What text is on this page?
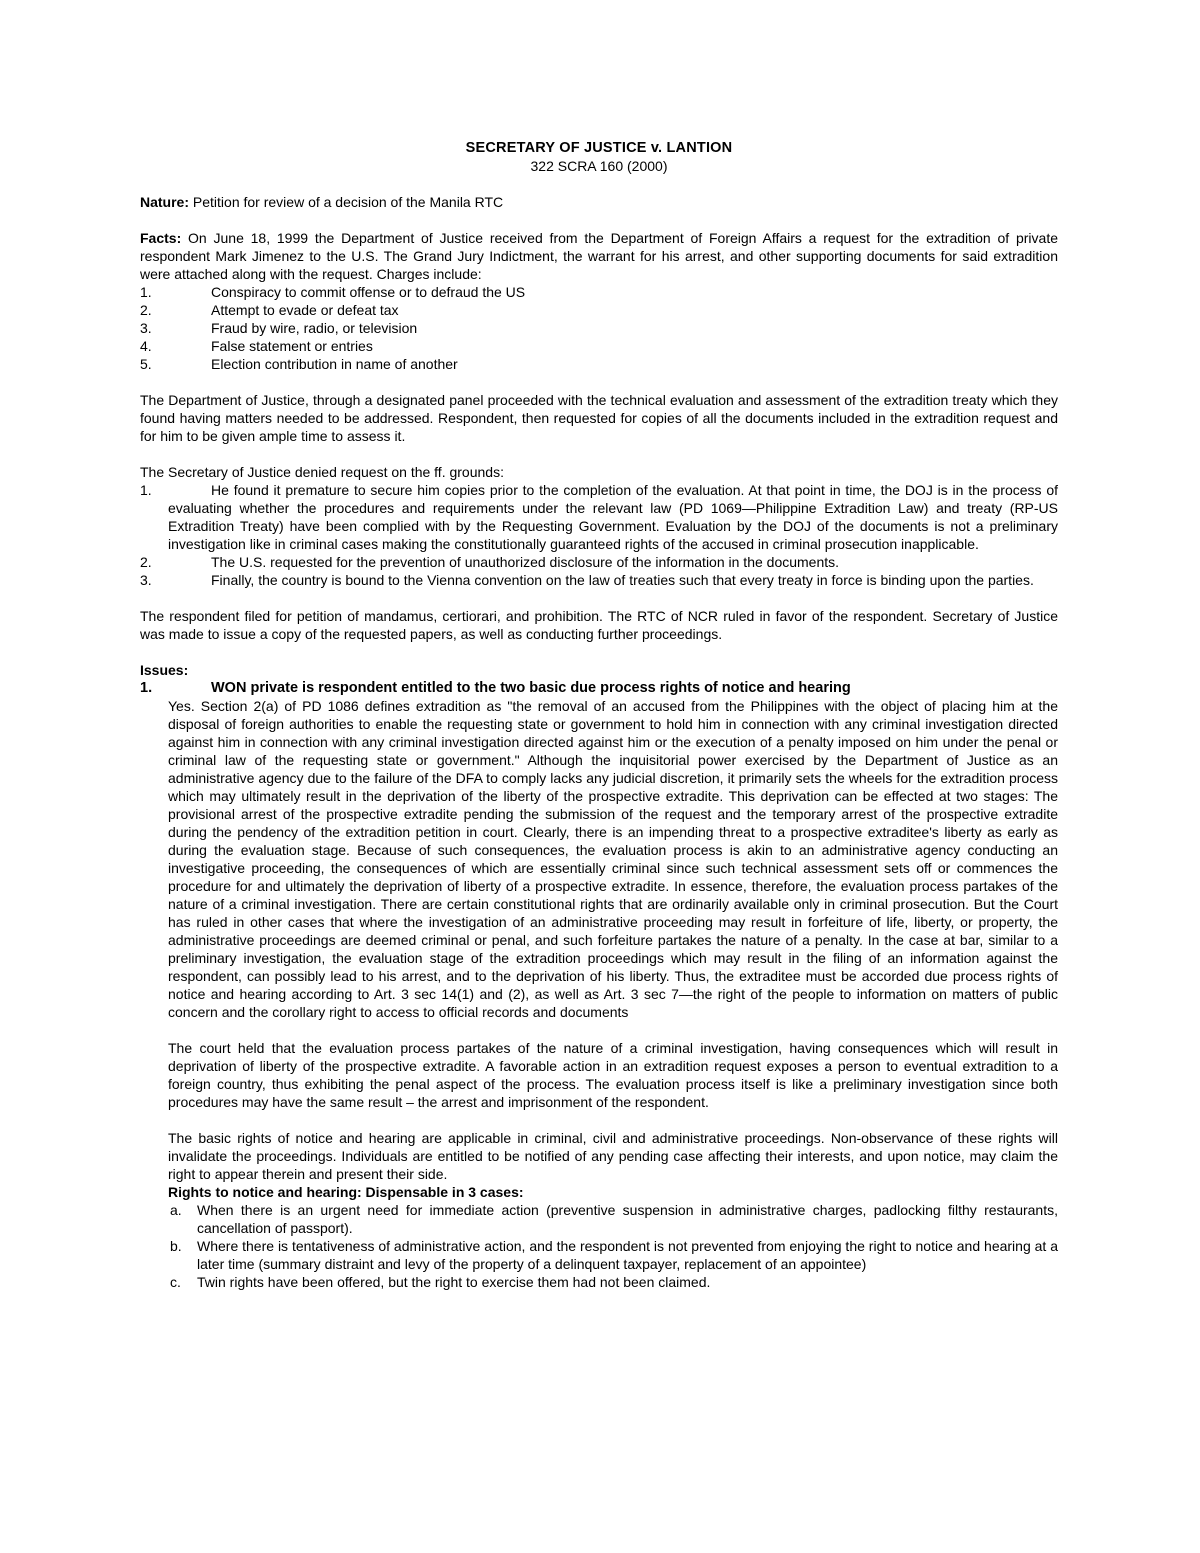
SECRETARY OF JUSTICE v. LANTION

322 SCRA 160 (2000)

Nature: Petition for review of a decision of the Manila RTC

Facts: On June 18, 1999 the Department of Justice received from the Department of Foreign Affairs a request for the extradition of private respondent Mark Jimenez to the U.S. The Grand Jury Indictment, the warrant for his arrest, and other supporting documents for said extradition were attached along with the request. Charges include:

1.	Conspiracy to commit offense or to defraud the US
2.	Attempt to evade or defeat tax
3.	Fraud by wire, radio, or television
4.	False statement or entries
5.	Election contribution in name of another

The Department of Justice, through a designated panel proceeded with the technical evaluation and assessment of the extradition treaty which they found having matters needed to be addressed. Respondent, then requested for copies of all the documents included in the extradition request and for him to be given ample time to assess it.

The Secretary of Justice denied request on the ff. grounds:

1.	He found it premature to secure him copies prior to the completion of the evaluation. At that point in time, the DOJ is in the process of evaluating whether the procedures and requirements under the relevant law (PD 1069—Philippine Extradition Law) and treaty (RP-US Extradition Treaty) have been complied with by the Requesting Government. Evaluation by the DOJ of the documents is not a preliminary investigation like in criminal cases making the constitutionally guaranteed rights of the accused in criminal prosecution inapplicable.
2.	The U.S. requested for the prevention of unauthorized disclosure of the information in the documents.
3.	Finally, the country is bound to the Vienna convention on the law of treaties such that every treaty in force is binding upon the parties.

The respondent filed for petition of mandamus, certiorari, and prohibition. The RTC of NCR ruled in favor of the respondent. Secretary of Justice was made to issue a copy of the requested papers, as well as conducting further proceedings.

Issues:

1.	WON private is respondent entitled to the two basic due process rights of notice and hearing

Yes. Section 2(a) of PD 1086 defines extradition as "the removal of an accused from the Philippines with the object of placing him at the disposal of foreign authorities to enable the requesting state or government to hold him in connection with any criminal investigation directed against him in connection with any criminal investigation directed against him or the execution of a penalty imposed on him under the penal or criminal law of the requesting state or government." Although the inquisitorial power exercised by the Department of Justice as an administrative agency due to the failure of the DFA to comply lacks any judicial discretion, it primarily sets the wheels for the extradition process which may ultimately result in the deprivation of the liberty of the prospective extradite. This deprivation can be effected at two stages: The provisional arrest of the prospective extradite pending the submission of the request and the temporary arrest of the prospective extradite during the pendency of the extradition petition in court. Clearly, there is an impending threat to a prospective extraditee's liberty as early as during the evaluation stage. Because of such consequences, the evaluation process is akin to an administrative agency conducting an investigative proceeding, the consequences of which are essentially criminal since such technical assessment sets off or commences the procedure for and ultimately the deprivation of liberty of a prospective extradite. In essence, therefore, the evaluation process partakes of the nature of a criminal investigation. There are certain constitutional rights that are ordinarily available only in criminal prosecution. But the Court has ruled in other cases that where the investigation of an administrative proceeding may result in forfeiture of life, liberty, or property, the administrative proceedings are deemed criminal or penal, and such forfeiture partakes the nature of a penalty. In the case at bar, similar to a preliminary investigation, the evaluation stage of the extradition proceedings which may result in the filing of an information against the respondent, can possibly lead to his arrest, and to the deprivation of his liberty. Thus, the extraditee must be accorded due process rights of notice and hearing according to Art. 3 sec 14(1) and (2), as well as Art. 3 sec 7—the right of the people to information on matters of public concern and the corollary right to access to official records and documents

The court held that the evaluation process partakes of the nature of a criminal investigation, having consequences which will result in deprivation of liberty of the prospective extradite. A favorable action in an extradition request exposes a person to eventual extradition to a foreign country, thus exhibiting the penal aspect of the process. The evaluation process itself is like a preliminary investigation since both procedures may have the same result – the arrest and imprisonment of the respondent.

The basic rights of notice and hearing are applicable in criminal, civil and administrative proceedings. Non-observance of these rights will invalidate the proceedings. Individuals are entitled to be notified of any pending case affecting their interests, and upon notice, may claim the right to appear therein and present their side.

Rights to notice and hearing: Dispensable in 3 cases:

a. When there is an urgent need for immediate action (preventive suspension in administrative charges, padlocking filthy restaurants, cancellation of passport).
b. Where there is tentativeness of administrative action, and the respondent is not prevented from enjoying the right to notice and hearing at a later time (summary distraint and levy of the property of a delinquent taxpayer, replacement of an appointee)
c. Twin rights have been offered, but the right to exercise them had not been claimed.
